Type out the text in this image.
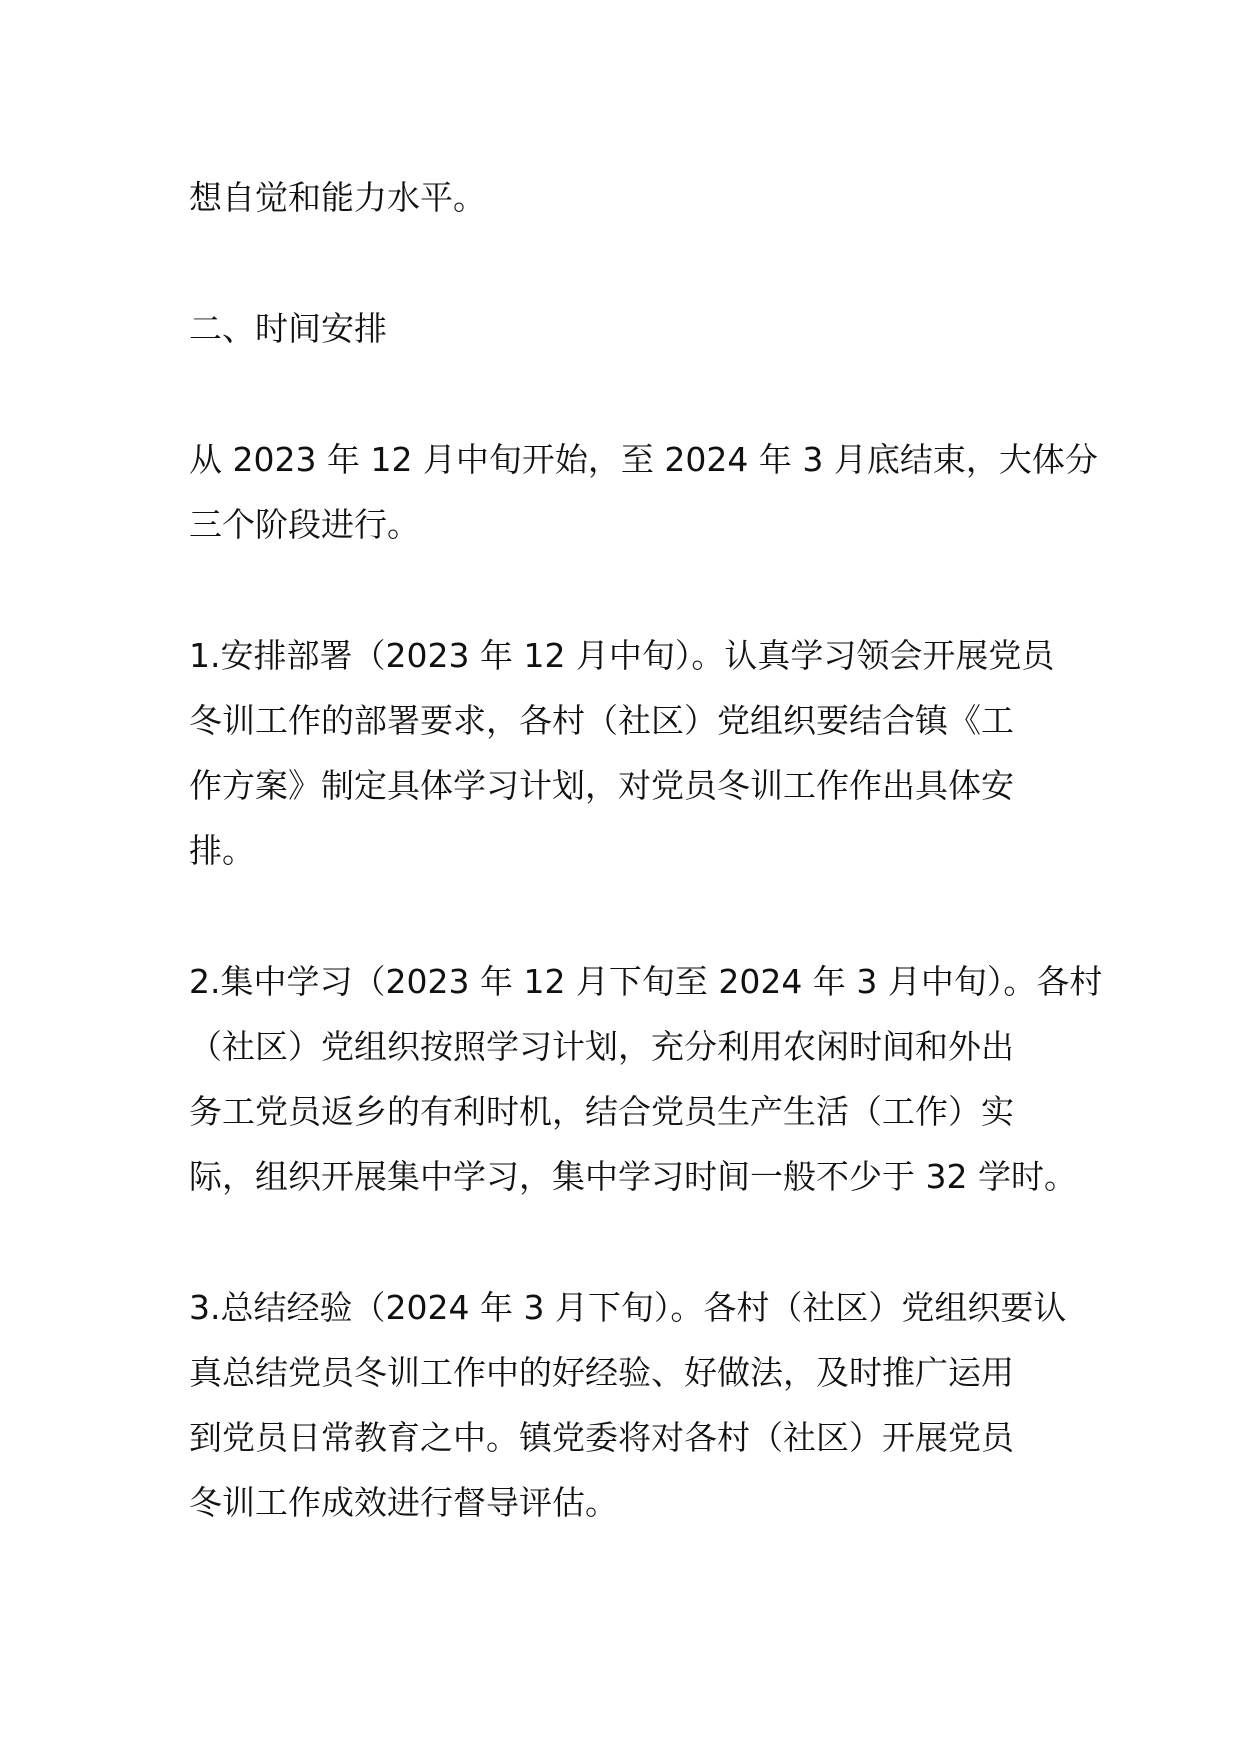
想自觉和能力水平。

二、时间安排

从 2023 年 12 月中旬开始，至 2024 年 3 月底结束，大体分
三个阶段进行。

1.安排部署（2023 年 12 月中旬）。认真学习领会开展党员
冬训工作的部署要求，各村（社区）党组织要结合镇《工
作方案》制定具体学习计划，对党员冬训工作作出具体安
排。

2.集中学习（2023 年 12 月下旬至 2024 年 3 月中旬）。各村
（社区）党组织按照学习计划，充分利用农闲时间和外出
务工党员返乡的有利时机，结合党员生产生活（工作）实
际，组织开展集中学习，集中学习时间一般不少于 32 学时。

3.总结经验（2024 年 3 月下旬）。各村（社区）党组织要认
真总结党员冬训工作中的好经验、好做法，及时推广运用
到党员日常教育之中。镇党委将对各村（社区）开展党员
冬训工作成效进行督导评估。
